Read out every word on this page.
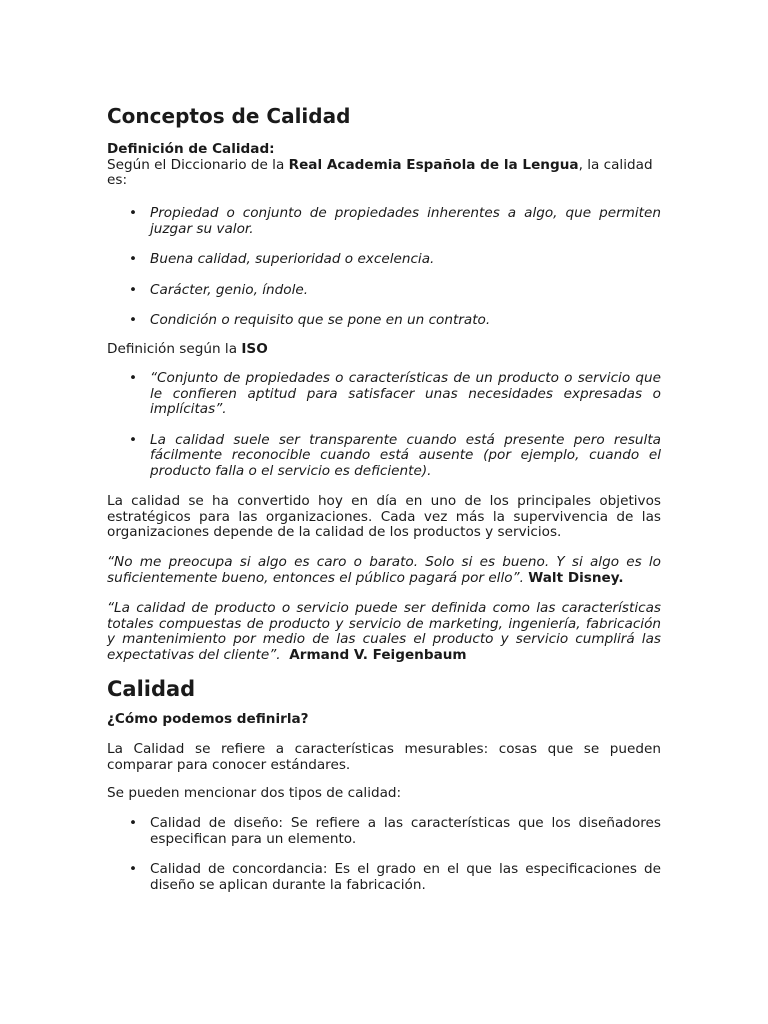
Conceptos de Calidad

Definición de Calidad:

Según el Diccionario de la Real Academia Española de la Lengua, la calidad es:

• Propiedad o conjunto de propiedades inherentes a algo, que permiten juzgar su valor.
• Buena calidad, superioridad o excelencia.
• Carácter, genio, índole.
• Condición o requisito que se pone en un contrato.

Definición según la ISO

• “Conjunto de propiedades o características de un producto o servicio que le confieren aptitud para satisfacer unas necesidades expresadas o implícitas”.
• La calidad suele ser transparente cuando está presente pero resulta fácilmente reconocible cuando está ausente (por ejemplo, cuando el producto falla o el servicio es deficiente).

La calidad se ha convertido hoy en día en uno de los principales objetivos estratégicos para las organizaciones. Cada vez más la supervivencia de las organizaciones depende de la calidad de los productos y servicios.

“No me preocupa si algo es caro o barato. Solo si es bueno. Y si algo es lo suficientemente bueno, entonces el público pagará por ello”. Walt Disney.

“La calidad de producto o servicio puede ser definida como las características totales compuestas de producto y servicio de marketing, ingeniería, fabricación y mantenimiento por medio de las cuales el producto y servicio cumplirá las expectativas del cliente”. Armand V. Feigenbaum

Calidad

¿Cómo podemos definirla?

La Calidad se refiere a características mesurables: cosas que se pueden comparar para conocer estándares.

Se pueden mencionar dos tipos de calidad:

• Calidad de diseño: Se refiere a las características que los diseñadores especifican para un elemento.
• Calidad de concordancia: Es el grado en el que las especificaciones de diseño se aplican durante la fabricación.
